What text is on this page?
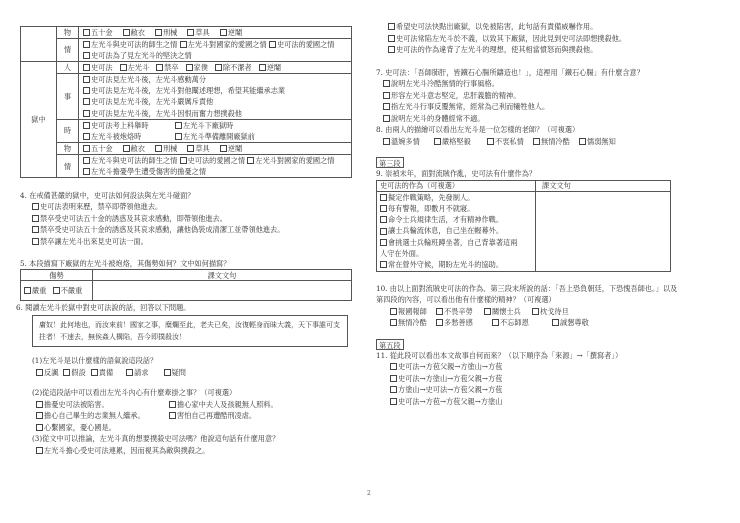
	物	五十金 敝衣 刑械 草具 逆閹

	情	左光斗與史可法的師生之情
左光斗對國家的愛國之情
史可法的愛國之情

史可法為了見左光斗的堅決之情

獄中	人	史可法 左光斗 禁卒 家僕 除不潔者 逆閹

	事	史可法見左光斗後，左光斗感動萬分

史可法見左光斗後，左光斗對他闡述理想，希望其能繼承志業

史可法見左光斗後，左光斗嚴厲斥責他

史可法見左光斗後，左光斗因恨而奮力想撲殺他

	時	史可法考上科舉時 左光斗下廠獄時
左光斗被炮烙時 左光斗準備離開廠獄前

	物	五十金 敝衣 刑械 草具 逆閹

	情	左光斗與史可法的師生之情
史可法的愛國之情
左光斗對國家的愛國之情

左光斗擔憂學生遭受傷害的擔憂之情
4. 在戒備甚嚴的獄中，史可法如何設法與左光斗碰面？
史可法表明來歷，禁卒即帶領他進去。
禁卒受史可法五十金的誘惑及其哀求感動，即帶領他進去。
禁卒受史可法五十金的誘惑及其哀求感動，讓他偽裝成清潔工並帶領他進去。
禁卒讓左光斗出來見史可法一面。
5. 本段描寫下廠獄的左光斗被炮烙，其傷勢如何？文中如何描寫？
傷勢	課文文句

嚴重
不嚴重	

6. 閱讀左光斗於獄中對史可法說的話，回答以下問題。
庸奴！此何地也，而汝來前！國家之事，糜爛至此，老夫已矣，汝復輕身而昧大義，天下事誰可支拄者！不速去，無俟姦人構陷，吾今即撲殺汝！
(1)左光斗是以什麼樣的語氣說這段話？
反諷 假設 責備	請求	疑問
(2)從這段話中可以看出左光斗內心有什麼牽掛之事？（可複選）
擔憂史可法被陷害。	擔心家中夫人及孩親無人照料。
擔心自己畢生的志業無人繼承。	害怕自己再遭酷刑凌虐。
心繫國家，憂心國是。
(3)從文中可以推論，左光斗真的想要撲殺史可法嗎？他說這句話有什麼用意？
左光斗擔心受史可法連累，因而視其為敵與撲殺之。
希望史可法快點出廠獄，以免被陷害，此句話有責備威嚇作用。
史可法常陷左光斗於不義，以致其下廠獄，因此見到史可法即想撲殺他。
史可法的作為違背了左光斗的理想，使其相當憤怒而與撲殺他。
7. 史可法：「吾師肺肝，皆鐵石心腸所鑄造也！」，這裡用「鐵石心腸」有什麼含意？
說明左光斗冷酷無情的行事風格。
形容左光斗意志堅定，忠肝義膽的精神。
指左光斗行事反覆無常，經常為己利而犧牲他人。
說明左光斗的身體經常不適。
8. 由兩人的描繪可以看出左光斗是一位怎樣的老師？（可複選）
溫婉多情	嚴格堅毅	不衷私情 無情冷酷 懦弱無知
第三段
9. 崇禎末年，面對流賊作亂，史可法有什麼作為？
史可法的作為（可複選）	課文文句

擬定作戰策略，先發制人。

每有警報，即數月不就寢。

命令士兵規律生活，才有精神作戰。

讓士兵輪流休息，自己坐在幄幕外。

會挑選士兵輪班蹲坐著，自己背靠著這兩
人守在外面。
常在營外守候，期盼左光斗的協助。

10. 由以上面對流賊史可法的作為、第三段末所說的話：「吾上恐負朝廷，下恐愧吾師也。」以及
第四段的內容，可以看出他有什麼樣的精神？（可複選）
報國報師 不畏辛勞	關懷士兵	枕戈待旦
無情冷酷 多愁善感	不忘師恩	誠懇尊敬
第五段
11. 從此段可以看出本文故事自何而來？（以下順序為「來源」→「撰寫者」）
史可法→方苞父親→方塗山→方苞
史可法→方塗山→方苞父親→方苞
方塗山→史可法→方苞父親→方苞
史可法→方苞→方苞父親→方塗山
2
